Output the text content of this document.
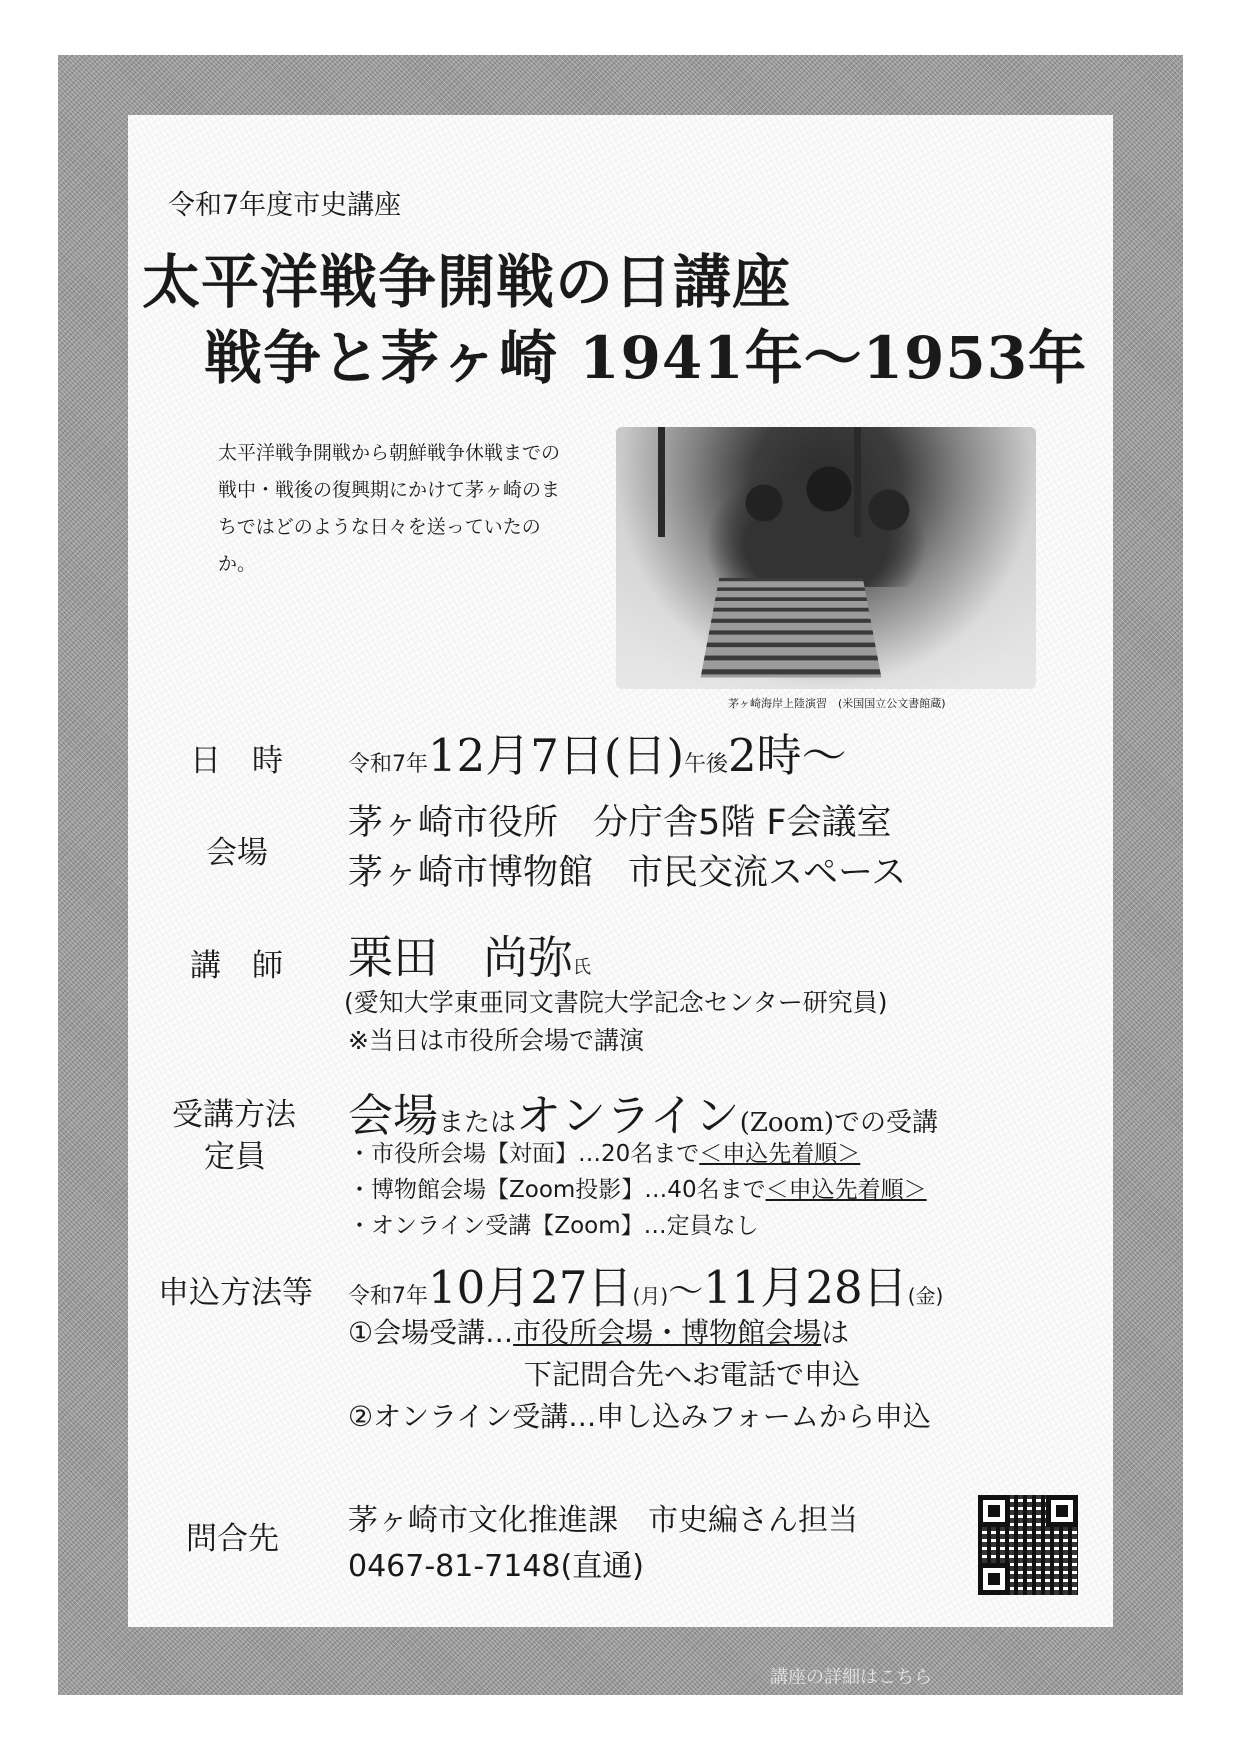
令和7年度市史講座
太平洋戦争開戦の日講座
戦争と茅ヶ崎 1941年～1953年
太平洋戦争開戦から朝鮮戦争休戦までの戦中・戦後の復興期にかけて茅ヶ崎のまちではどのような日々を送っていたのか。
茅ヶ崎海岸上陸演習　(米国国立公文書館蔵)
日　時	令和7年12月7日(日)午後2時～
会場
茅ヶ崎市役所　分庁舎5階 F会議室
茅ヶ崎市博物館　市民交流スペース
講　師 栗田　尚弥氏
(愛知大学東亜同文書院大学記念センター研究員)
※当日は市役所会場で講演
受講方法
定員
会場またはオンライン(Zoom)での受講
・市役所会場【対面】…20名まで＜申込先着順＞
・博物館会場【Zoom投影】…40名まで＜申込先着順＞
・オンライン受講【Zoom】…定員なし
申込方法等 令和7年10月27日(月)～11月28日(金)
①会場受講…市役所会場・博物館会場は
下記問合先へお電話で申込
②オンライン受講…申し込みフォームから申込
問合先
茅ヶ崎市文化推進課　市史編さん担当
0467-81-7148(直通)
講座の詳細はこちら
